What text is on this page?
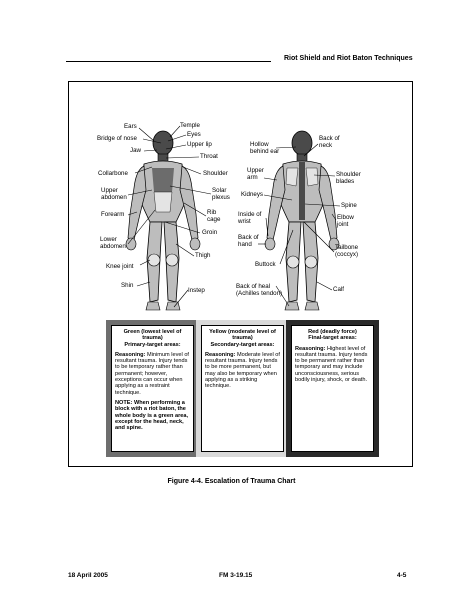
Riot Shield and Riot Baton Techniques
Ears	Temple
Bridge of nose
Eyes
Jaw
Upper lip
Throat
Collarbone	Shoulder
Upper
abdomen
Solar
plexus
Forearm	Rib
cage
Groin
Lower
abdomen
Knee joint
Thigh
Shin
Instep
Hollow
behind ear
Back of
neck
Upper
arm	Shoulder
blades
Kidneys
Spine
Inside of
wrist
Elbow
joint
Back of
hand	Tailbone
(coccyx)
Buttock
Back of heal
(Achilles tendon)
Calf
Green (lowest level of trauma)
Primary-target areas:
Reasoning: Minimum level of resultant trauma. Injury tends to be temporary rather than permanent; however, exceptions can occur when applying as a restraint technique.
NOTE: When performing a block with a riot baton, the whole body is a green area, except for the head, neck, and spine.
Yellow (moderate level of trauma)
Secondary-target areas:
Reasoning: Moderate level of resultant trauma. Injury tends to be more permanent, but may also be temporary when applying as a striking technique.
Red (deadly force)
Final-target areas:
Reasoning: Highest level of resultant trauma. Injury tends to be permanent rather than temporary and may include unconsciousness, serious bodily injury, shock, or death.
Figure 4-4. Escalation of Trauma Chart
18 April 2005	FM 3-19.15	4-5
